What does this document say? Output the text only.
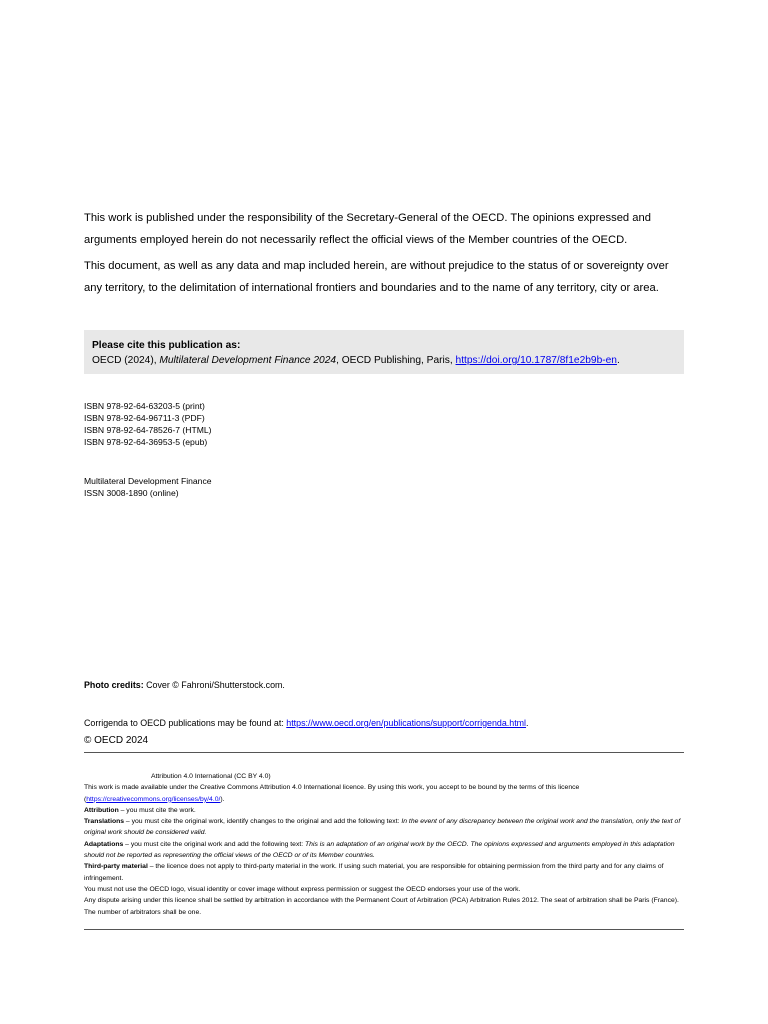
This work is published under the responsibility of the Secretary-General of the OECD. The opinions expressed and arguments employed herein do not necessarily reflect the official views of the Member countries of the OECD.

This document, as well as any data and map included herein, are without prejudice to the status of or sovereignty over any territory, to the delimitation of international frontiers and boundaries and to the name of any territory, city or area.

Please cite this publication as:
OECD (2024), Multilateral Development Finance 2024, OECD Publishing, Paris, https://doi.org/10.1787/8f1e2b9b-en.
ISBN 978-92-64-63203-5 (print)
ISBN 978-92-64-96711-3 (PDF)
ISBN 978-92-64-78526-7 (HTML)
ISBN 978-92-64-36953-5 (epub)
Multilateral Development Finance
ISSN 3008-1890 (online)
Photo credits: Cover © Fahroni/Shutterstock.com.
Corrigenda to OECD publications may be found at: https://www.oecd.org/en/publications/support/corrigenda.html.
© OECD 2024

Attribution 4.0 International (CC BY 4.0)

This work is made available under the Creative Commons Attribution 4.0 International licence. By using this work, you accept to be bound by the terms of this licence (https://creativecommons.org/licenses/by/4.0/).

Attribution – you must cite the work.

Translations – you must cite the original work, identify changes to the original and add the following text: In the event of any discrepancy between the original work and the translation, only the text of original work should be considered valid.

Adaptations – you must cite the original work and add the following text: This is an adaptation of an original work by the OECD. The opinions expressed and arguments employed in this adaptation should not be reported as representing the official views of the OECD or of its Member countries.

Third-party material – the licence does not apply to third-party material in the work. If using such material, you are responsible for obtaining permission from the third party and for any claims of infringement.

You must not use the OECD logo, visual identity or cover image without express permission or suggest the OECD endorses your use of the work.

Any dispute arising under this licence shall be settled by arbitration in accordance with the Permanent Court of Arbitration (PCA) Arbitration Rules 2012. The seat of arbitration shall be Paris (France). The number of arbitrators shall be one.
